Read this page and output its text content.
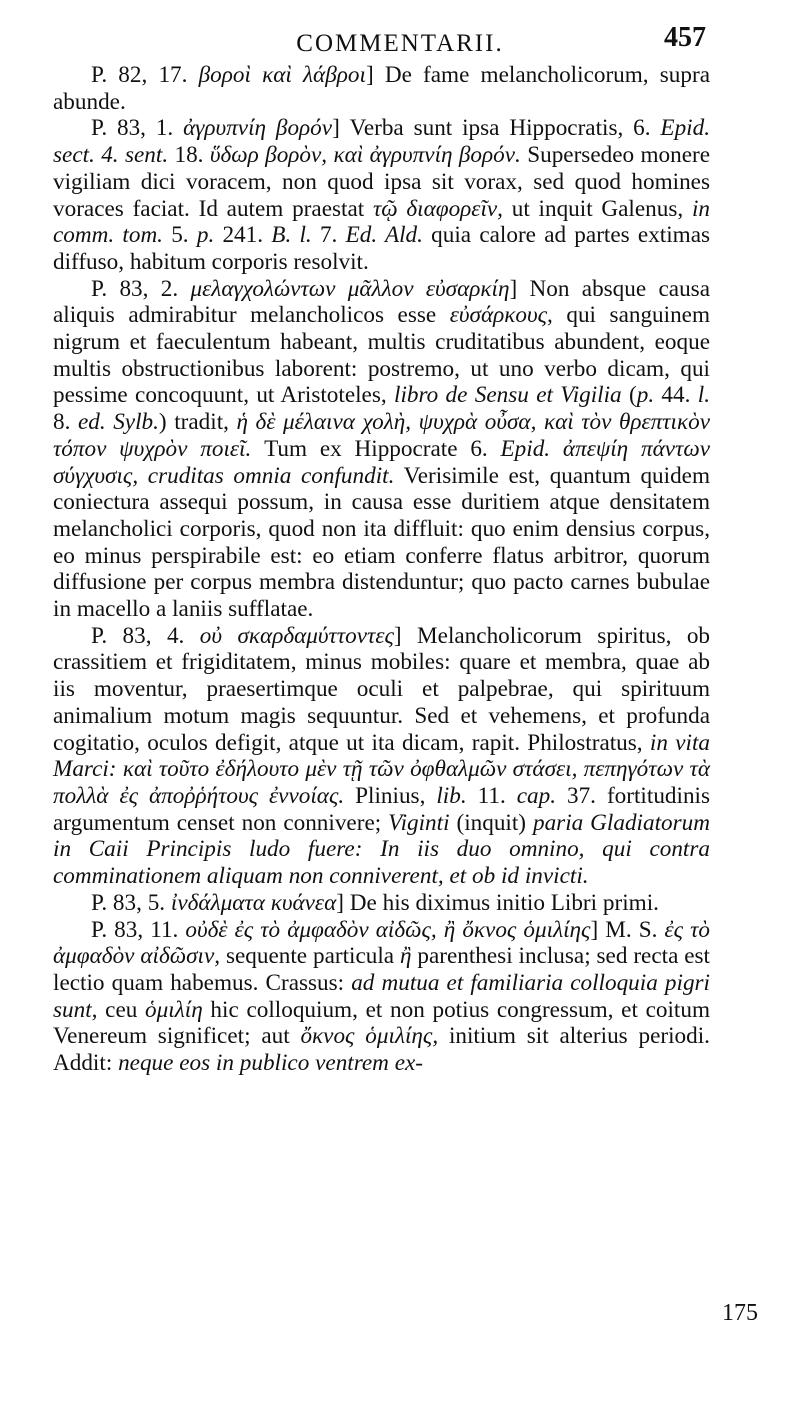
COMMENTARII.	457

P. 82, 17. βοροὶ καὶ λάβροι] De fame melancholicorum, supra abunde.

P. 83, 1. ἀγρυπνίη βορόν] Verba sunt ipsa Hippocratis, 6. Epid. sect. 4. sent. 18. ὕδωρ βορὸν, καὶ ἀγρυπνίη βορόν. Supersedeo monere vigiliam dici voracem, non quod ipsa sit vorax, sed quod homines voraces faciat. Id autem praestat τῷ διαφορεῖν, ut inquit Galenus, in comm. tom. 5. p. 241. B. l. 7. Ed. Ald. quia calore ad partes extimas diffuso, habitum corporis resolvit.

P. 83, 2. μελαγχολώντων μᾶλλον εὐσαρκίη] Non absque causa aliquis admirabitur melancholicos esse εὐσάρκους, qui sanguinem nigrum et faeculentum habeant, multis cruditatibus abundent, eoque multis obstructionibus laborent: postremo, ut uno verbo dicam, qui pessime concoquunt, ut Aristoteles, libro de Sensu et Vigilia (p. 44. l. 8. ed. Sylb.) tradit, ἡ δὲ μέλαινα χολὴ, ψυχρὰ οὖσα, καὶ τὸν θρεπτικὸν τόπον ψυχρὸν ποιεῖ. Tum ex Hippocrate 6. Epid. ἀπεψίη πάντων σύγχυσις, cruditas omnia confundit. Verisimile est, quantum quidem coniectura assequi possum, in causa esse duritiem atque densitatem melancholici corporis, quod non ita diffluit: quo enim densius corpus, eo minus perspirabile est: eo etiam conferre flatus arbitror, quorum diffusione per corpus membra distenduntur; quo pacto carnes bubulae in macello a laniis sufflatae.

P. 83, 4. οὐ σκαρδαμύττοντες] Melancholicorum spiritus, ob crassitiem et frigiditatem, minus mobiles: quare et membra, quae ab iis moventur, praesertimque oculi et palpebrae, qui spirituum animalium motum magis sequuntur. Sed et vehemens, et profunda cogitatio, oculos defigit, atque ut ita dicam, rapit. Philostratus, in vita Marci: καὶ τοῦτο ἐδήλουτο μὲν τῇ τῶν ὀφθαλμῶν στάσει, πεπηγότων τὰ πολλὰ ἐς ἀποῤῥήτους ἐννοίας. Plinius, lib. 11. cap. 37. fortitudinis argumentum censet non connivere; Viginti (inquit) paria Gladiatorum in Caii Principis ludo fuere: In iis duo omnino, qui contra comminationem aliquam non conniverent, et ob id invicti.

P. 83, 5. ἰνδάλματα κυάνεα] De his diximus initio Libri primi.

P. 83, 11. οὐδὲ ἐς τὸ ἀμφαδὸν αἰδῶς, ἢ ὄκνος ὁμιλίης] M. S. ἐς τὸ ἀμφαδὸν αἰδῶσιν, sequente particula ἢ parenthesi inclusa; sed recta est lectio quam habemus. Crassus: ad mutua et familiaria colloquia pigri sunt, ceu ὁμιλίη hic colloquium, et non potius congressum, et coitum Venereum significet; aut ὄκνος ὁμιλίης, initium sit alterius periodi. Addit: neque eos in publico ventrem ex-

175
